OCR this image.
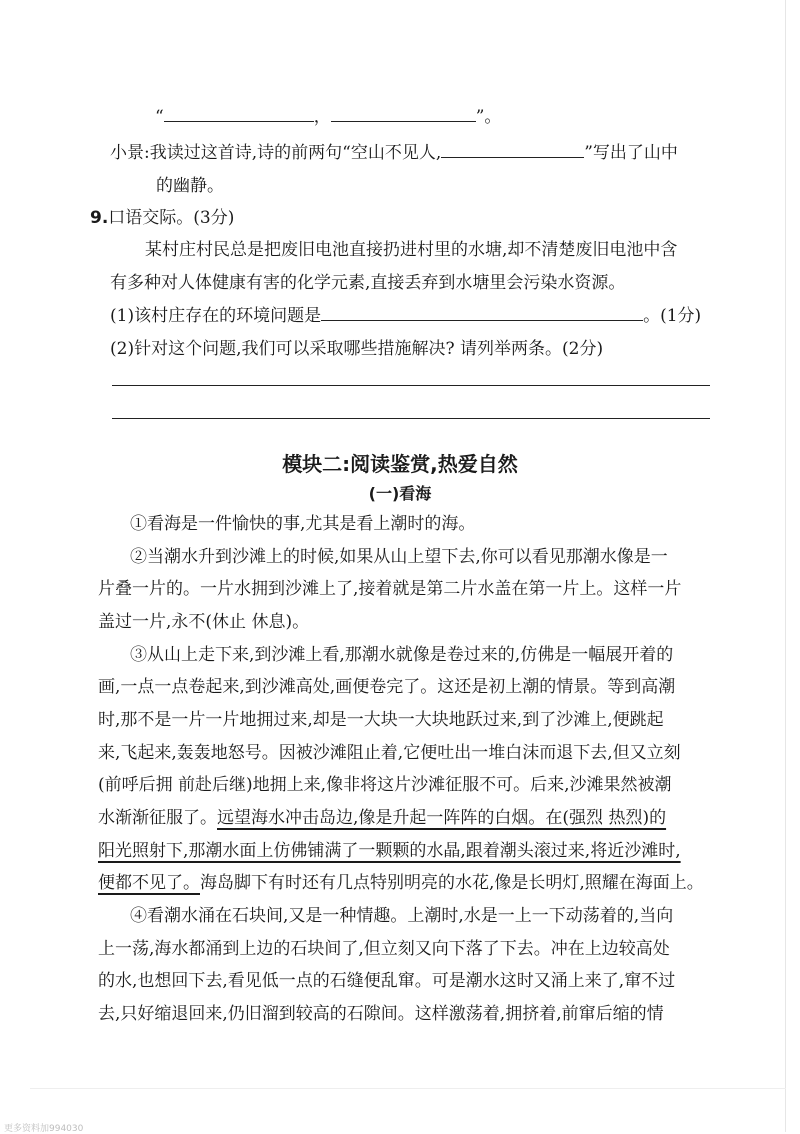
“	，	”。
小景:我读过这首诗,诗的前两句“空山不见人,	”写出了山中
的幽静。
9.口语交际。(3分)
某村庄村民总是把废旧电池直接扔进村里的水塘,却不清楚废旧电池中含
有多种对人体健康有害的化学元素,直接丢弃到水塘里会污染水资源。
(1)该村庄存在的环境问题是	。(1分)
(2)针对这个问题,我们可以采取哪些措施解决? 请列举两条。(2分)
模块二:阅读鉴赏,热爱自然
(一)看海
①看海是一件愉快的事,尤其是看上潮时的海。
②当潮水升到沙滩上的时候,如果从山上望下去,你可以看见那潮水像是一
片叠一片的。一片水拥到沙滩上了,接着就是第二片水盖在第一片上。这样一片
盖过一片,永不(休止 休息)。
③从山上走下来,到沙滩上看,那潮水就像是卷过来的,仿佛是一幅展开着的
画,一点一点卷起来,到沙滩高处,画便卷完了。这还是初上潮的情景。等到高潮
时,那不是一片一片地拥过来,却是一大块一大块地跃过来,到了沙滩上,便跳起
来,飞起来,轰轰地怒号。因被沙滩阻止着,它便吐出一堆白沫而退下去,但又立刻
(前呼后拥 前赴后继)地拥上来,像非将这片沙滩征服不可。后来,沙滩果然被潮
水渐渐征服了。远望海水冲击岛边,像是升起一阵阵的白烟。在(强烈 热烈)的
阳光照射下,那潮水面上仿佛铺满了一颗颗的水晶,跟着潮头滚过来,将近沙滩时,
便都不见了。海岛脚下有时还有几点特别明亮的水花,像是长明灯,照耀在海面上。
④看潮水涌在石块间,又是一种情趣。上潮时,水是一上一下动荡着的,当向
上一荡,海水都涌到上边的石块间了,但立刻又向下落了下去。冲在上边较高处
的水,也想回下去,看见低一点的石缝便乱窜。可是潮水这时又涌上来了,窜不过
去,只好缩退回来,仍旧溜到较高的石隙间。这样激荡着,拥挤着,前窜后缩的情
更多资料加994030
